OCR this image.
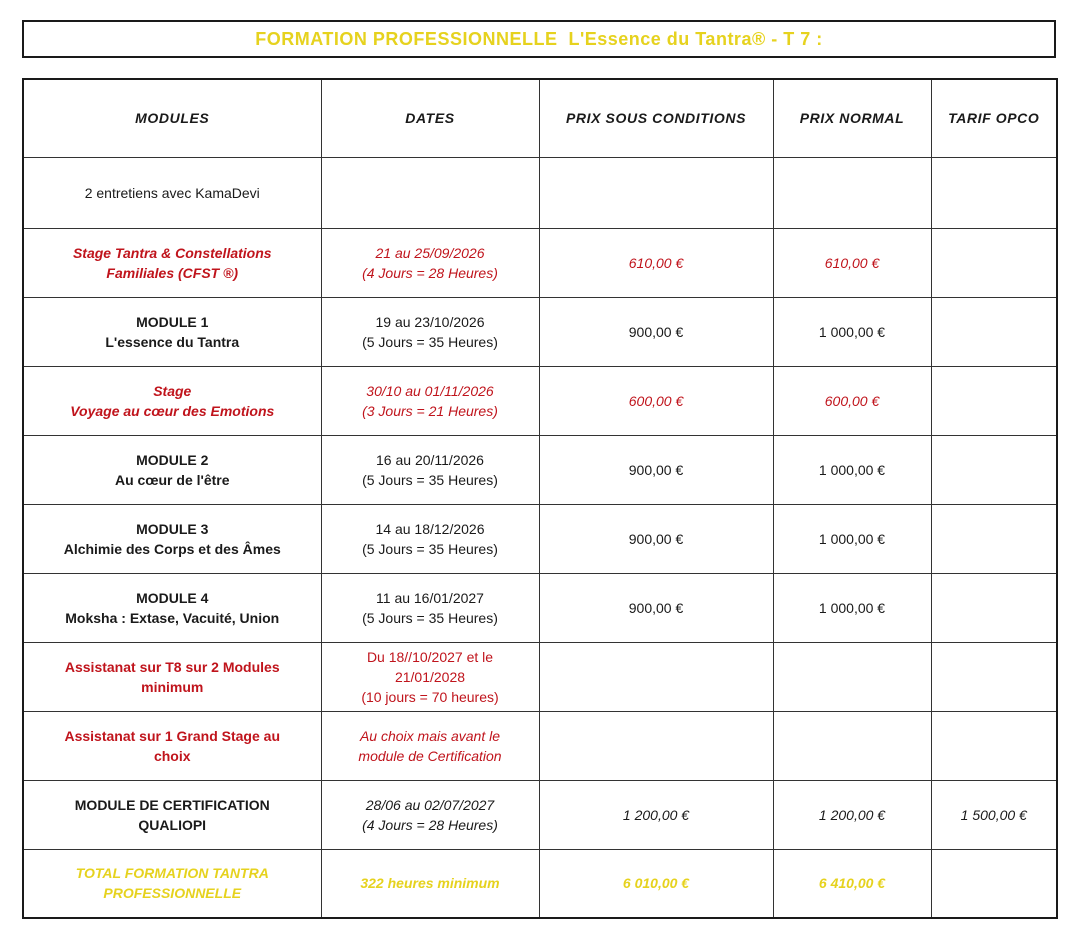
FORMATION PROFESSIONNELLE  L'Essence du Tantra® - T 7 :
MODULES	DATES	PRIX SOUS CONDITIONS	PRIX NORMAL	TARIF OPCO

2 entretiens avec KamaDevi				

Stage Tantra & Constellations
Familiales (CFST ®)	21 au 25/09/2026
(4 Jours = 28 Heures)	610,00 €	610,00 €	

MODULE 1
L'essence du Tantra	19 au 23/10/2026
(5 Jours = 35 Heures)	900,00 €	1 000,00 €	

Stage
Voyage au cœur des Emotions	30/10 au 01/11/2026
(3 Jours = 21 Heures)	600,00 €	600,00 €	

MODULE 2
Au cœur de l'être	16 au 20/11/2026
(5 Jours = 35 Heures)	900,00 €	1 000,00 €	

MODULE 3
Alchimie des Corps et des Âmes	14 au 18/12/2026
(5 Jours = 35 Heures)	900,00 €	1 000,00 €	

MODULE 4
Moksha : Extase, Vacuité, Union	11 au 16/01/2027
(5 Jours = 35 Heures)	900,00 €	1 000,00 €	

Assistanat sur T8 sur 2 Modules
minimum	Du 18//10/2027 et le
21/01/2028
(10 jours = 70 heures)			

Assistanat sur 1 Grand Stage au
choix	Au choix mais avant le
module de Certification			

MODULE DE CERTIFICATION
QUALIOPI	28/06 au 02/07/2027
(4 Jours = 28 Heures)	1 200,00 €	1 200,00 €	1 500,00 €

TOTAL FORMATION TANTRA
PROFESSIONNELLE	322 heures minimum	6 010,00 €	6 410,00 €	
